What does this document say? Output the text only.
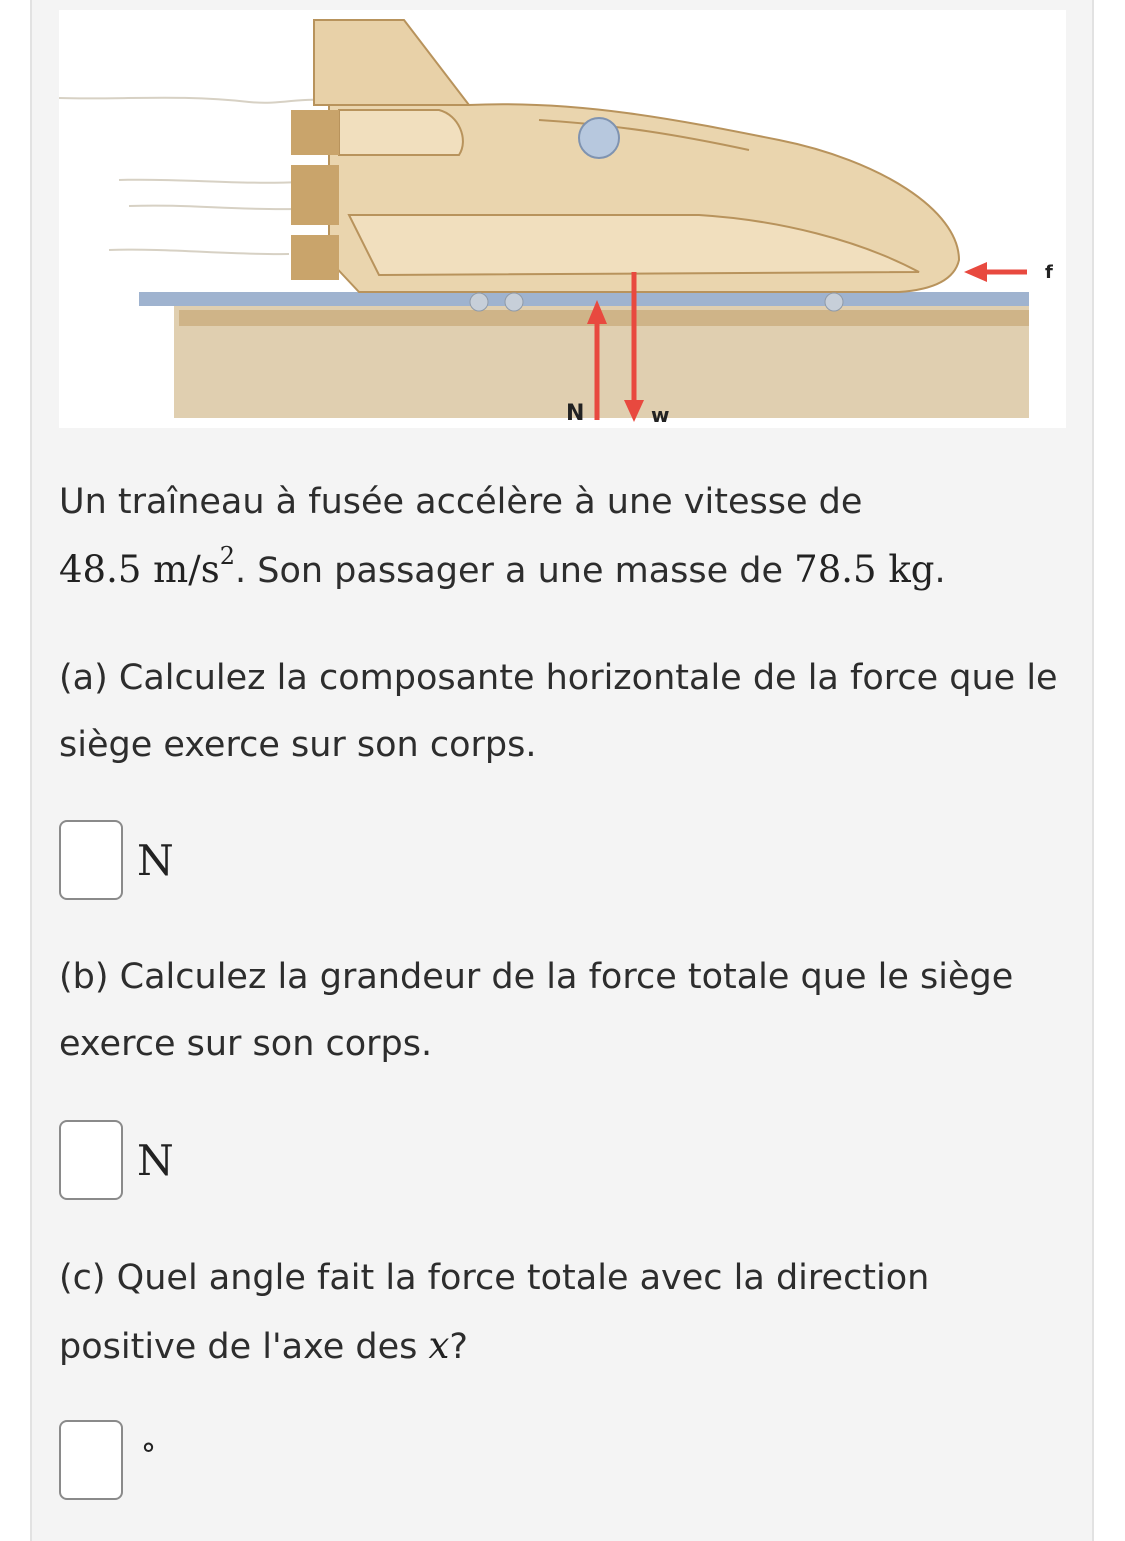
N	w
f
Un traîneau à fusée accélère à une vitesse de
48.5 $m/s^2$. Son passager a une masse de 78.5 kg.
(a) Calculez la composante horizontale de la force que le siège exerce sur son corps.
N
(b) Calculez la grandeur de la force totale que le siège exerce sur son corps.
N
(c) Quel angle fait la force totale avec la direction positive de l'axe des x?
°
